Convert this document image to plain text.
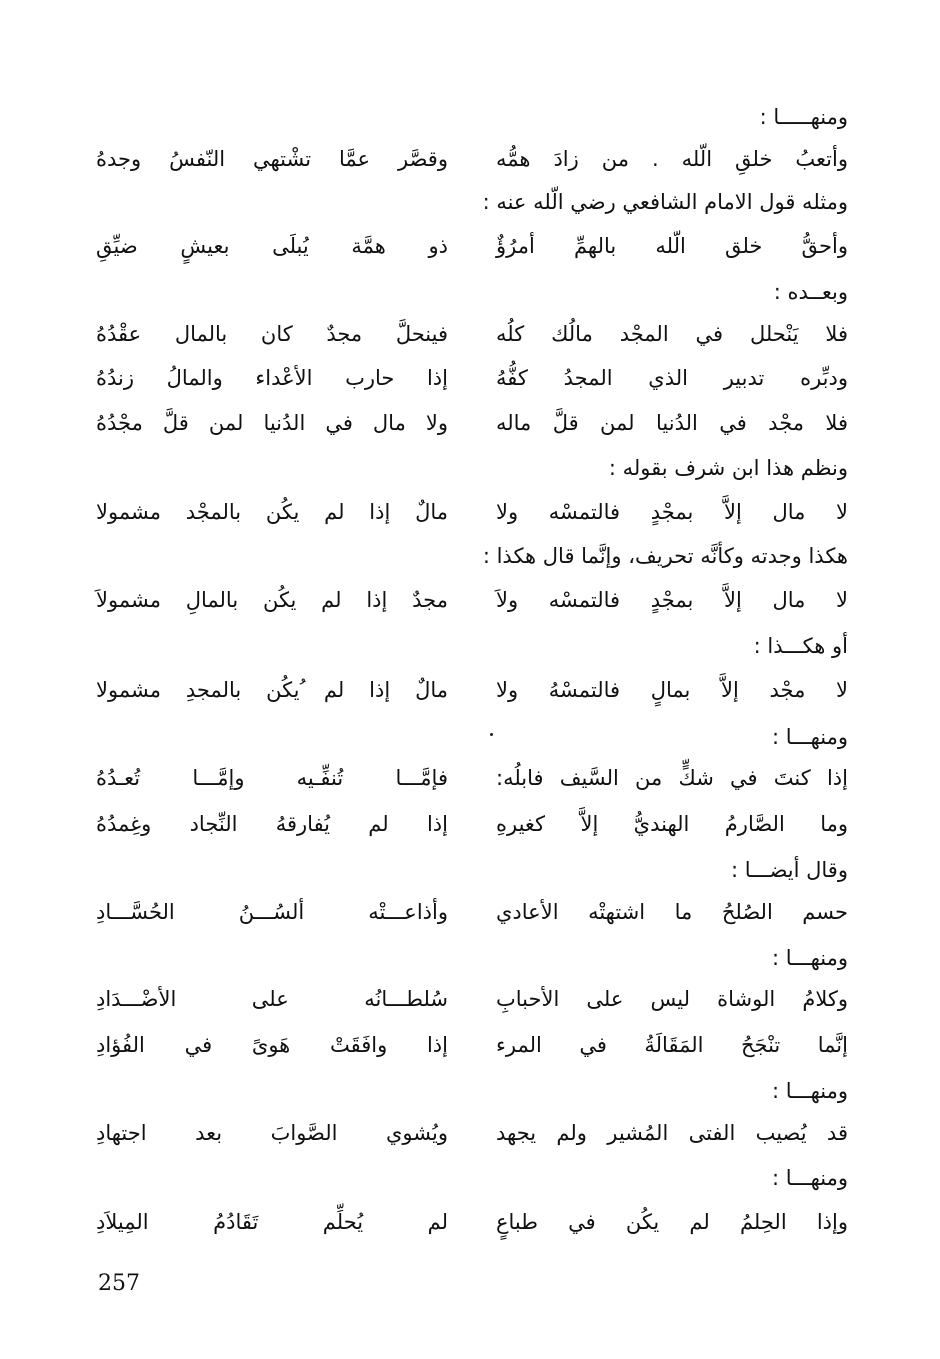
ومنهـــــا :
وأتعبُ خلقِ الّله . من زادَ همُّه
وقصَّر عمَّا تشْتهي النّفسُ وجدهُ
ومثله قول الامام الشافعي رضي الّله عنه :
وأحقُّ خلق الّله بالهمِّ أمرُؤٌ
ذو همَّة يُبلَى بعيشٍ ضيِّقِ
وبعــده :
فلا يَنْحلل في المجْد مالُك كلُه
فينحلَّ مجدٌ كان بالمال عقْدُهُ
ودبِّره تدبير الذي المجدُ كفُّهُ
إذا حارب الأعْداء والمالُ زندُهُ
فلا مجْد في الدُنيا لمن قلَّ ماله
ولا مال في الدُنيا لمن قلَّ مجْدُهُ
ونظم هذا ابن شرف بقوله :
لا مال إلاَّ بمجْدٍ فالتمسْه ولا
مالٌ إذا لم يكُن بالمجْد مشمولا
هكذا وجدته وكأنَّه تحريف، وإنَّما قال هكذا :
لا مال إلاَّ بمجْدٍ فالتمسْه ولاَ
مجدٌ إذا لم يكُن بالمالِ مشمولاَ
أو هكـــذا :
لا مجْد إلاَّ بمالٍ فالتمسْهُ ولا
مالٌ إذا لم ُيكُن بالمجدِ مشمولا
ومنهـــا :
إذا كنتَ في شكٍّ من السَّيف فابلُه:
فإمَّـــا تُنفِّـيه وإمَّـــا تُعـدُهُ
وما الصَّارمُ الهنديُّ إلاَّ كغيرهِ
إذا لم يُفارقهُ النِّجاد وغِمدُهُ
وقال أيضـــا :
حسم الصُلحُ ما اشتهتْه الأعادي
وأذاعـــتْه ألسُـــنُ الحُسَّـــادِ
ومنهـــا :
وكلامُ الوشاة ليس على الأحبابِ
سُلطـــانُه على الأضْـــدَادِ
إنَّما تنْجَحُ المَقَالَةُ في المرء
إذا وافَقَتْ هَوىً في الفُؤادِ
ومنهـــا :
قد يُصيب الفتى المُشير ولم يجهد
ويُشوي الصَّوابَ بعد اجتهادِ
ومنهـــا :
وإذا الحِلمُ لم يكُن في طباعٍ
لم يُحلِّم تَقَادُمُ المِيلاَدِ
257
